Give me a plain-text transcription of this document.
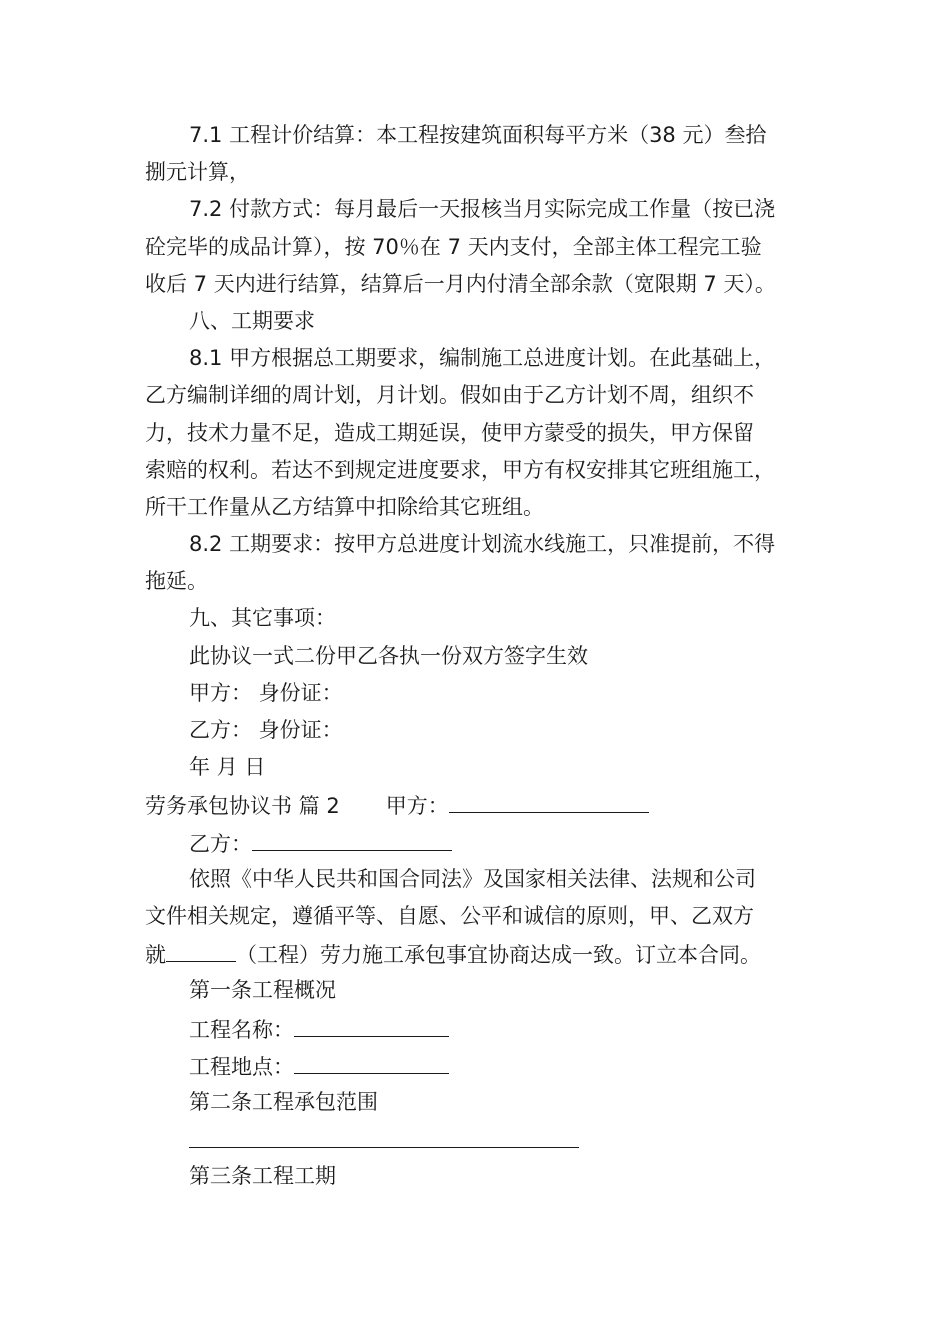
7.1 工程计价结算：本工程按建筑面积每平方米（38 元）叁拾

捌元计算，

7.2 付款方式：每月最后一天报核当月实际完成工作量（按已浇

砼完毕的成品计算），按 70％在 7 天内支付，全部主体工程完工验

收后 7 天内进行结算，结算后一月内付清全部余款（宽限期 7 天）。

八、工期要求

8.1 甲方根据总工期要求，编制施工总进度计划。在此基础上，

乙方编制详细的周计划，月计划。假如由于乙方计划不周，组织不

力，技术力量不足，造成工期延误，使甲方蒙受的损失，甲方保留

索赔的权利。若达不到规定进度要求，甲方有权安排其它班组施工，

所干工作量从乙方结算中扣除给其它班组。

8.2 工期要求：按甲方总进度计划流水线施工，只准提前，不得

拖延。

九、其它事项：

此协议一式二份甲乙各执一份双方签字生效

甲方： 身份证：

乙方： 身份证：

年 月 日

劳务承包协议书 篇 2 甲方：

乙方：

依照《中华人民共和国合同法》及国家相关法律、法规和公司

文件相关规定，遵循平等、自愿、公平和诚信的原则，甲、乙双方

就	（工程）劳力施工承包事宜协商达成一致。订立本合同。

第一条工程概况

工程名称：

工程地点：

第二条工程承包范围

第三条工程工期
